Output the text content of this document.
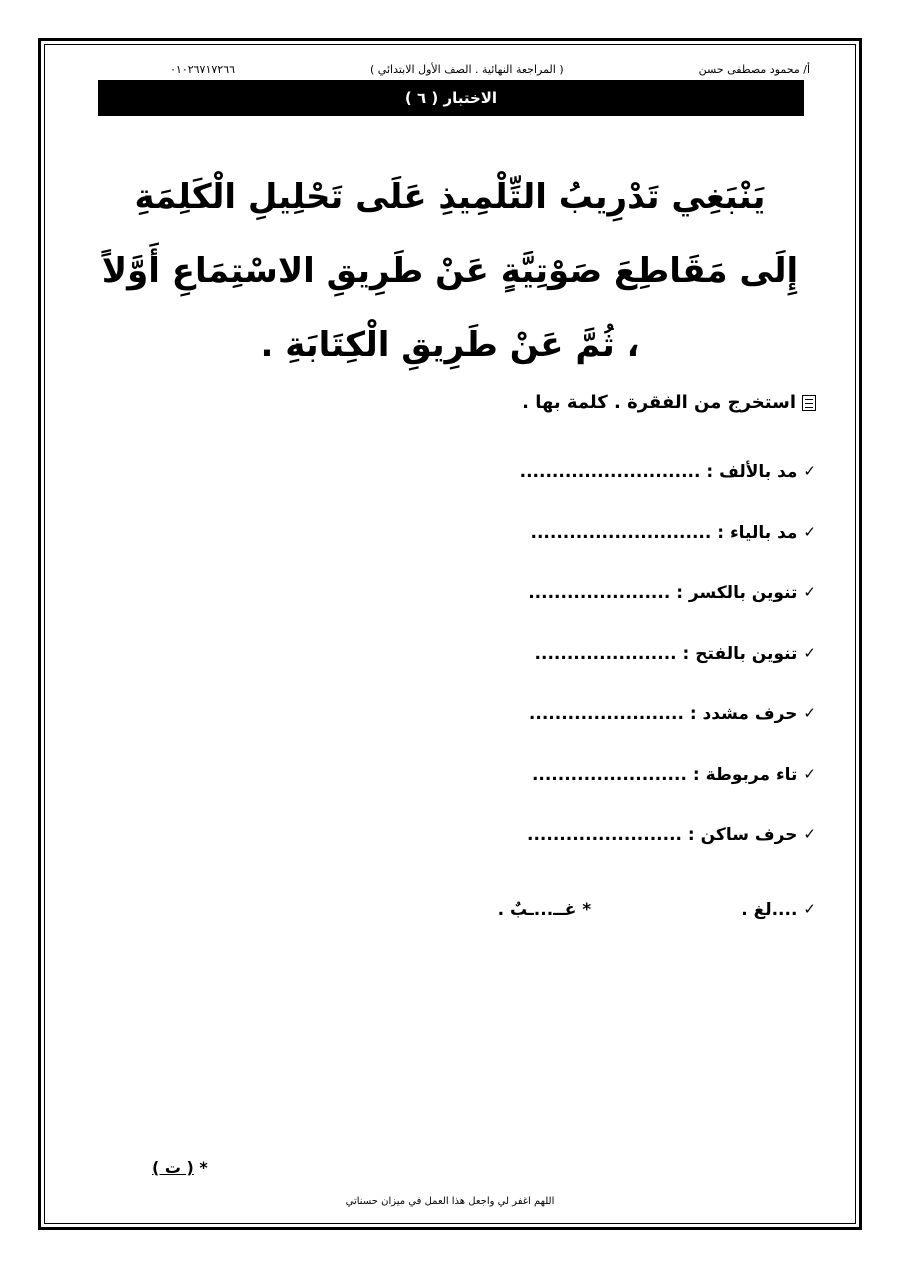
أ/ محمود مصطفى حسن
( المراجعة النهائية . الصف الأول الابتدائي )
٠١٠٢٦٧١٧٢٦٦
الاختبار ( ٦ )
يَنْبَغِي تَدْرِيبُ التِّلْمِيذِ عَلَى تَحْلِيلِ الْكَلِمَةِ إِلَى مَقَاطِعَ صَوْتِيَّةٍ عَنْ طَرِيقِ الاسْتِمَاعِ أَوَّلاً ، ثُمَّ عَنْ طَرِيقِ الْكِتَابَةِ .
استخرج من الفقرة . كلمة بها .
✓
مد بالألف :

............................
✓
مد بالياء :

............................
✓
تنوين بالكسر :

......................
✓
تنوين بالفتح :

......................
✓
حرف مشدد :

........................
✓
تاء مربوطة :

........................
✓
حرف ساكن :

........................
✓
....لغ .
* غــ...ـبٌ .
* ( ت )
اللهم اغفر لي واجعل هذا العمل في ميزان حسناتي
